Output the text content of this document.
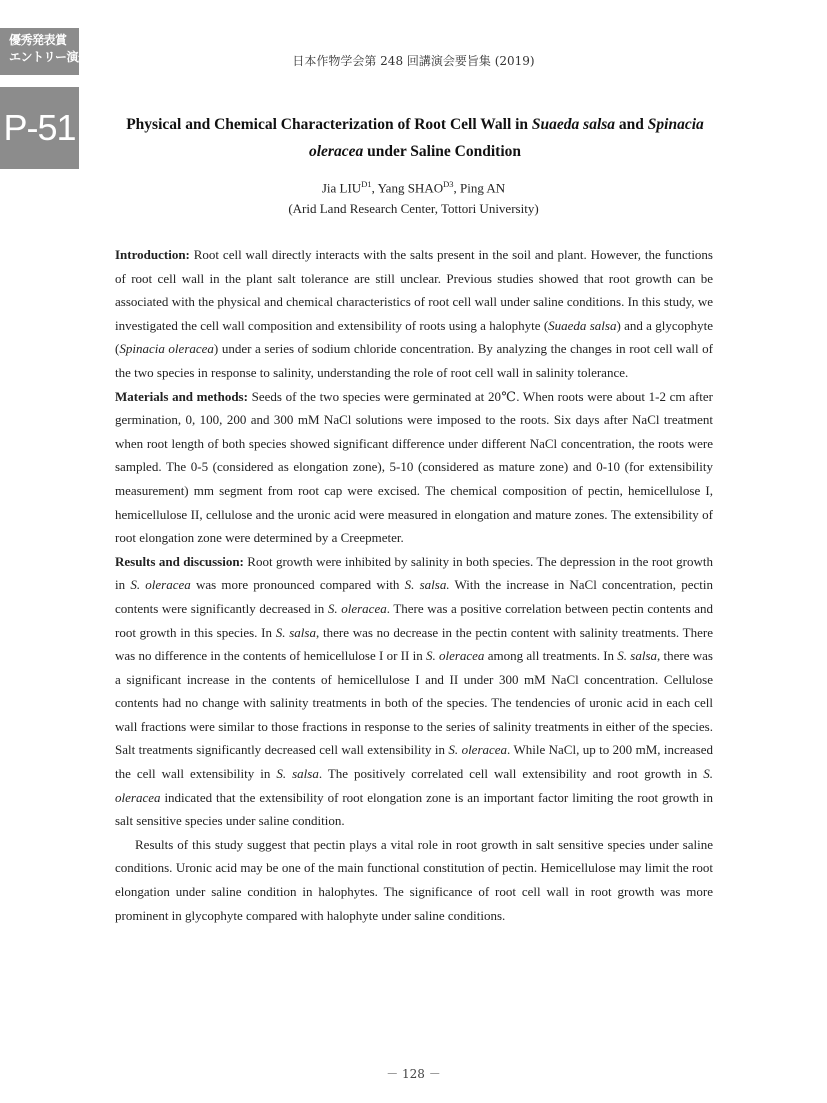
優秀発表賞
エントリー演題
P-51
日本作物学会第 248 回講演会要旨集 (2019)
Physical and Chemical Characterization of Root Cell Wall in Suaeda salsa and Spinacia
oleracea under Saline Condition
Jia $LIU^{D1}$, Yang $SHAO^{D3}$, Ping AN
(Arid Land Research Center, Tottori University)

Introduction: Root cell wall directly interacts with the salts present in the soil and plant. However, the functions of root cell wall in the plant salt tolerance are still unclear. Previous studies showed that root growth can be associated with the physical and chemical characteristics of root cell wall under saline conditions. In this study, we investigated the cell wall composition and extensibility of roots using a halophyte (Suaeda salsa) and a glycophyte (Spinacia oleracea) under a series of sodium chloride concentration. By analyzing the changes in root cell wall of the two species in response to salinity, understanding the role of root cell wall in salinity tolerance.

Materials and methods: Seeds of the two species were germinated at 20℃. When roots were about 1-2 cm after germination, 0, 100, 200 and 300 mM NaCl solutions were imposed to the roots. Six days after NaCl treatment when root length of both species showed significant difference under different NaCl concentration, the roots were sampled. The 0-5 (considered as elongation zone), 5-10 (considered as mature zone) and 0-10 (for extensibility measurement) mm segment from root cap were excised. The chemical composition of pectin, hemicellulose I, hemicellulose II, cellulose and the uronic acid were measured in elongation and mature zones. The extensibility of root elongation zone were determined by a Creepmeter.

Results and discussion: Root growth were inhibited by salinity in both species. The depression in the root growth in S. oleracea was more pronounced compared with S. salsa. With the increase in NaCl concentration, pectin contents were significantly decreased in S. oleracea. There was a positive correlation between pectin contents and root growth in this species. In S. salsa, there was no decrease in the pectin content with salinity treatments. There was no difference in the contents of hemicellulose I or II in S. oleracea among all treatments. In S. salsa, there was a significant increase in the contents of hemicellulose I and II under 300 mM NaCl concentration. Cellulose contents had no change with salinity treatments in both of the species. The tendencies of uronic acid in each cell wall fractions were similar to those fractions in response to the series of salinity treatments in either of the species. Salt treatments significantly decreased cell wall extensibility in S. oleracea. While NaCl, up to 200 mM, increased the cell wall extensibility in S. salsa. The positively correlated cell wall extensibility and root growth in S. oleracea indicated that the extensibility of root elongation zone is an important factor limiting the root growth in salt sensitive species under saline condition.

Results of this study suggest that pectin plays a vital role in root growth in salt sensitive species under saline conditions. Uronic acid may be one of the main functional constitution of pectin. Hemicellulose may limit the root elongation under saline condition in halophytes. The significance of root cell wall in root growth was more prominent in glycophyte compared with halophyte under saline conditions.

－ 128 －
